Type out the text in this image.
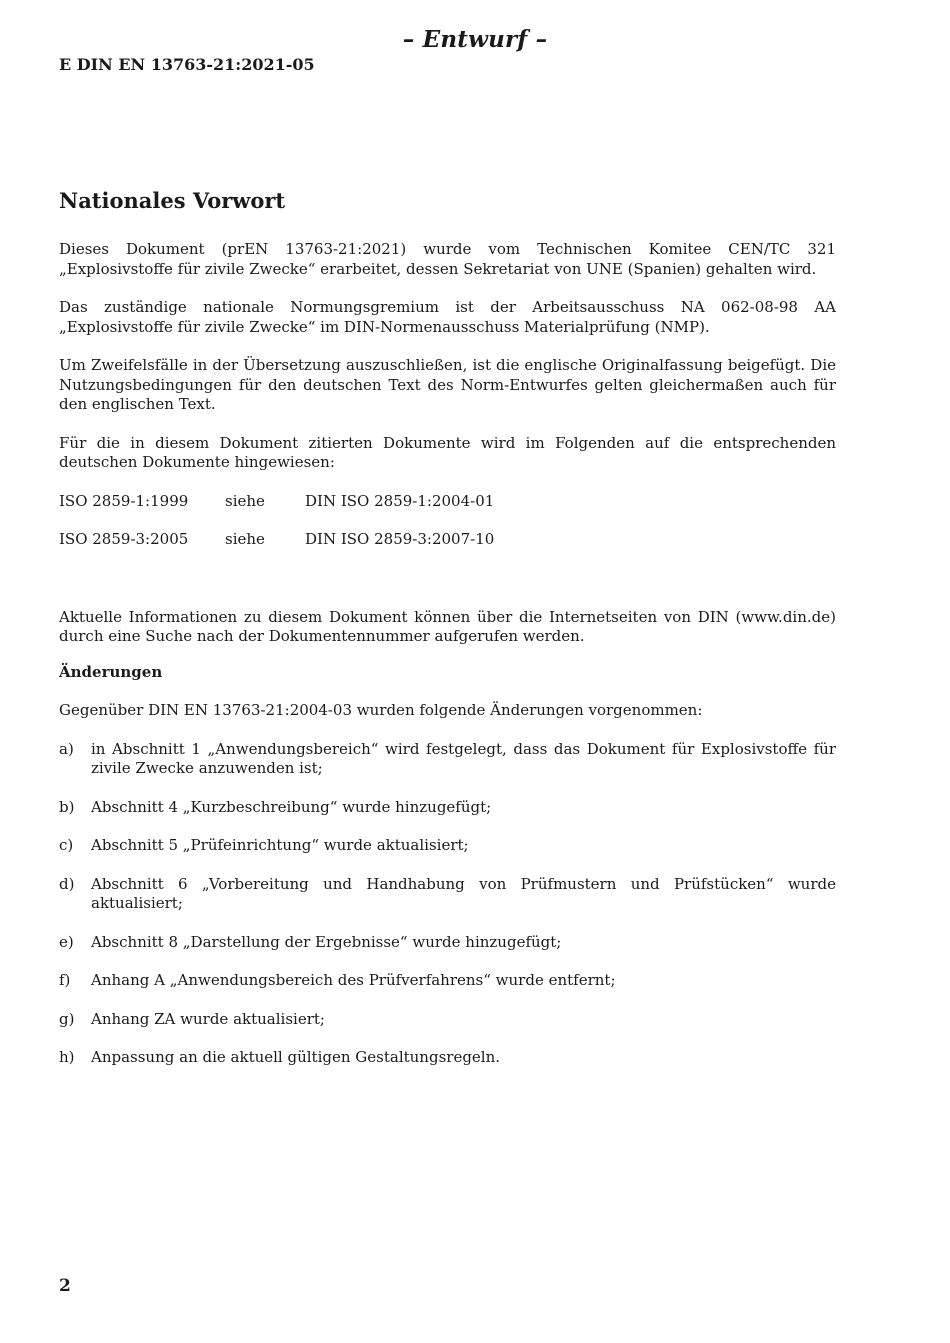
– Entwurf –
E DIN EN 13763-21:2021-05
Nationales Vorwort

Dieses Dokument (prEN 13763-21:2021) wurde vom Technischen Komitee CEN/TC 321 „Explosivstoffe für zivile Zwecke“ erarbeitet, dessen Sekretariat von UNE (Spanien) gehalten wird.

Das zuständige nationale Normungsgremium ist der Arbeitsausschuss NA 062-08-98 AA „Explosivstoffe für zivile Zwecke“ im DIN-Normenausschuss Materialprüfung (NMP).

Um Zweifelsfälle in der Übersetzung auszuschließen, ist die englische Originalfassung beigefügt. Die Nutzungsbedingungen für den deutschen Text des Norm-Entwurfes gelten gleichermaßen auch für den englischen Text.

Für die in diesem Dokument zitierten Dokumente wird im Folgenden auf die entsprechenden deutschen Dokumente hingewiesen:

ISO 2859-1:1999	siehe	DIN ISO 2859-1:2004-01
ISO 2859-3:2005	siehe	DIN ISO 2859-3:2007-10

Aktuelle Informationen zu diesem Dokument können über die Internetseiten von DIN (www.din.de) durch eine Suche nach der Dokumentennummer aufgerufen werden.

Änderungen

Gegenüber DIN EN 13763-21:2004-03 wurden folgende Änderungen vorgenommen:

a)	in Abschnitt 1 „Anwendungsbereich“ wird festgelegt, dass das Dokument für Explosivstoffe für zivile Zwecke anzuwenden ist;
b)	Abschnitt 4 „Kurzbeschreibung“ wurde hinzugefügt;
c)	Abschnitt 5 „Prüfeinrichtung“ wurde aktualisiert;
d)	Abschnitt 6 „Vorbereitung und Handhabung von Prüfmustern und Prüfstücken“ wurde aktualisiert;
e)	Abschnitt 8 „Darstellung der Ergebnisse“ wurde hinzugefügt;
f)	Anhang A „Anwendungsbereich des Prüfverfahrens“ wurde entfernt;
g)	Anhang ZA wurde aktualisiert;
h)	Anpassung an die aktuell gültigen Gestaltungsregeln.
2
